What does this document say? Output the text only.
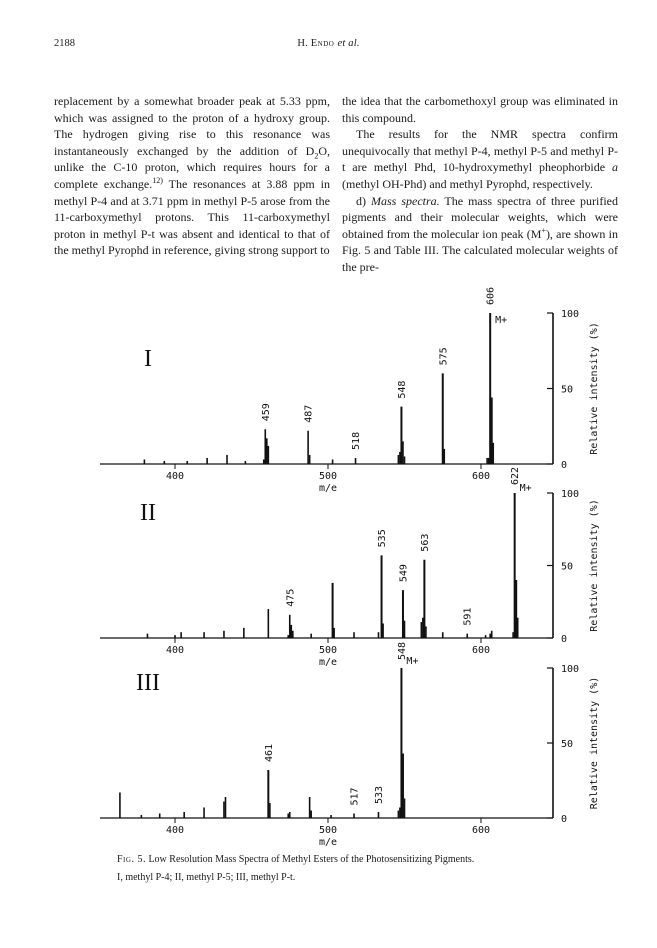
2188	H. Endo et al.

replacement by a somewhat broader peak at 5.33 ppm, which was assigned to the proton of a hydroxy group. The hydrogen giving rise to this resonance was instantaneously exchanged by the addition of $D_2O$, unlike the C-10 proton, which requires hours for a complete exchange.$^{12)}$ The resonances at 3.88 ppm in methyl P-4 and at 3.71 ppm in methyl P-5 arose from the 11-carboxymethyl protons. This 11-carboxymethyl proton in methyl P-t was absent and identical to that of the methyl Pyrophd in reference, giving strong support to

the idea that the carbomethoxyl group was eliminated in this compound.

The results for the NMR spectra confirm unequivocally that methyl P-4, methyl P-5 and methyl P-t are methyl Phd, 10-hydroxymethyl pheophorbide a (methyl OH-Phd) and methyl Pyrophd, respectively.

d) Mass spectra. The mass spectra of three purified pigments and their molecular weights, which were obtained from the molecular ion peak (M+), are shown in Fig. 5 and Table III. The calculated molecular weights of the pre-

0
50
100
Relative intensity (%)
400	500	600
m/e
I
459	487
518
548
575
606
M+
0
50
100
Relative intensity (%)
400	500	600
m/e
II
475
535
549
563
591
622
M+
0
50
100
Relative intensity (%)
400	500	600
m/e
III
461
517 533
548
M+
Fig. 5. Low Resolution Mass Spectra of Methyl Esters of the Photosensitizing Pigments.
I, methyl P-4; II, methyl P-5; III, methyl P-t.
